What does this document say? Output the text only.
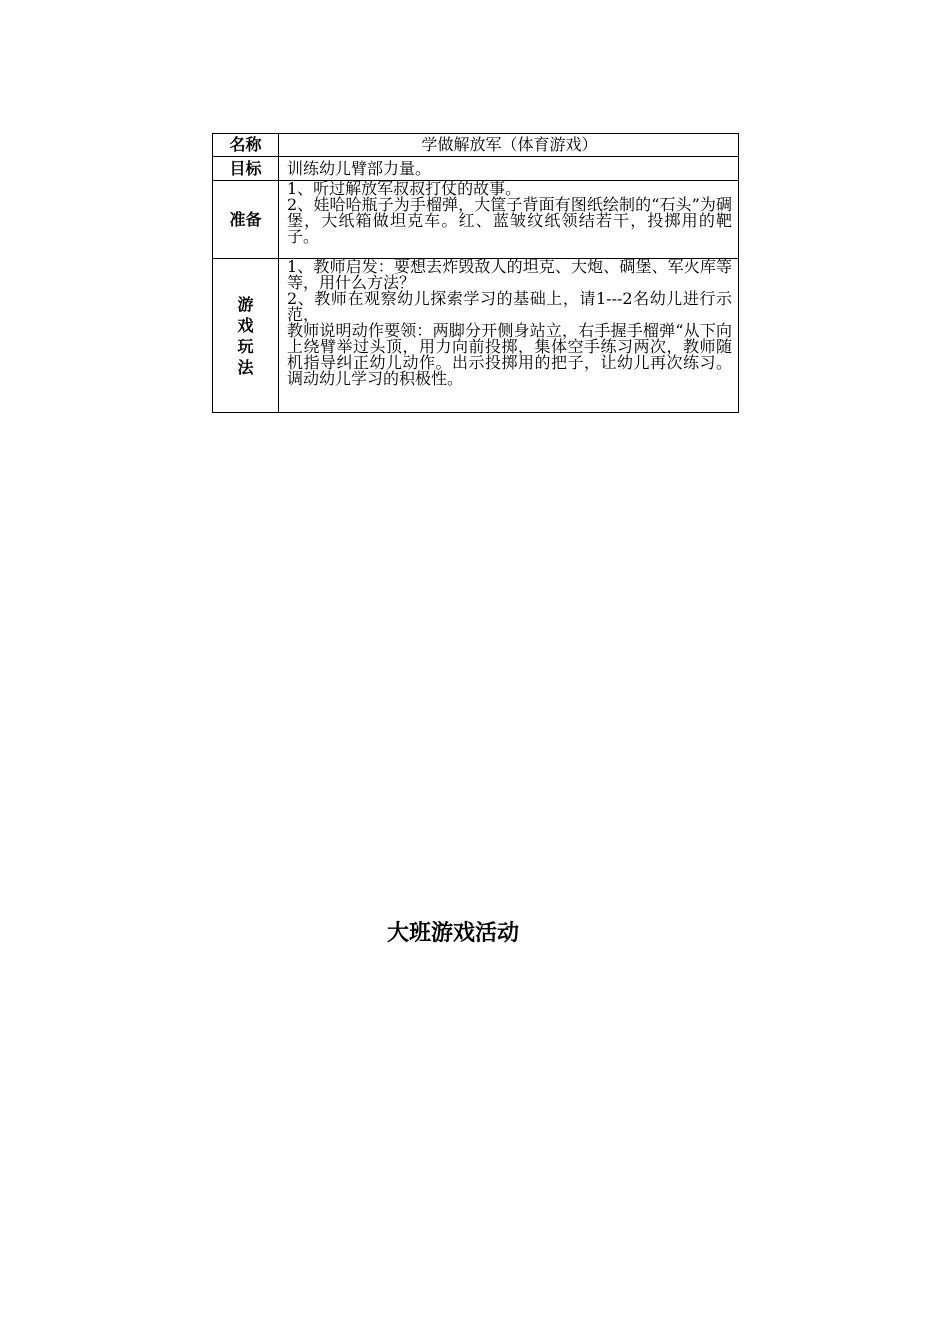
名称	学做解放军（体育游戏）
目标	训练幼儿臂部力量。
准备	1、听过解放军叔叔打仗的故事。
2、娃哈哈瓶子为手榴弹，大筐子背面有图纸绘制的“石头”为碉堡，大纸箱做坦克车。红、蓝皱纹纸领结若干，投掷用的靶子。

游戏玩法	1、教师启发：要想去炸毁敌人的坦克、大炮、碉堡、军火库等等，用什么方法？
2、教师在观察幼儿探索学习的基础上，请1---2名幼儿进行示范，
教师说明动作要领：两脚分开侧身站立，右手握手榴弹“从下向上绕臂举过头顶，用力向前投掷，集体空手练习两次，教师随机指导纠正幼儿动作。出示投掷用的把子，让幼儿再次练习。调动幼儿学习的积极性。
大班游戏活动
